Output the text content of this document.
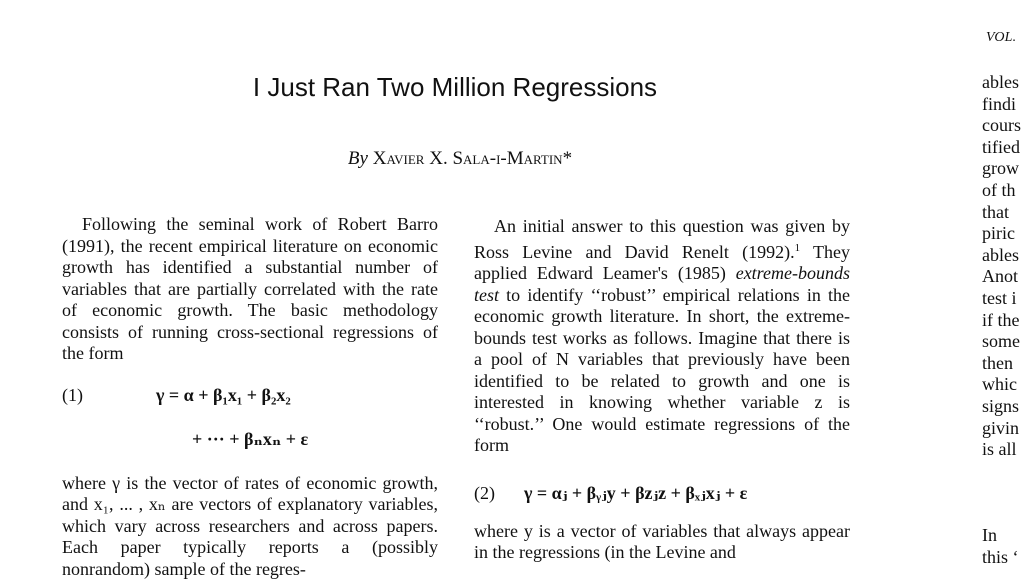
VOL.
I Just Ran Two Million Regressions
By Xavier X. Sala-i-Martin*
Following the seminal work of Robert Barro (1991), the recent empirical literature on economic growth has identified a substantial number of variables that are partially correlated with the rate of economic growth. The basic methodology consists of running cross-sectional regressions of the form
(1)	γ = α + β₁x₁ + β₂x₂
+ ··· + βₙxₙ + ε
where γ is the vector of rates of economic growth, and x₁, ... , xₙ are vectors of explanatory variables, which vary across researchers and across papers. Each paper typically reports a (possibly nonrandom) sample of the regres-
An initial answer to this question was given by Ross Levine and David Renelt (1992).$^1$ They applied Edward Leamer's (1985) extreme-bounds test to identify ‘‘robust’’ empirical relations in the economic growth literature. In short, the extreme-bounds test works as follows. Imagine that there is a pool of N variables that previously have been identified to be related to growth and one is interested in knowing whether variable z is ‘‘robust.’’ One would estimate regressions of the form
(2) γ = αⱼ + βᵧⱼy + βzⱼz + βₓⱼxⱼ + ε
where y is a vector of variables that always appear in the regressions (in the Levine and
ables
findi
cours
tified
grow
of th
that
piric
ables
Anot
test i
if the
some
then
whic
signs
givin
is all
In
this ‘
